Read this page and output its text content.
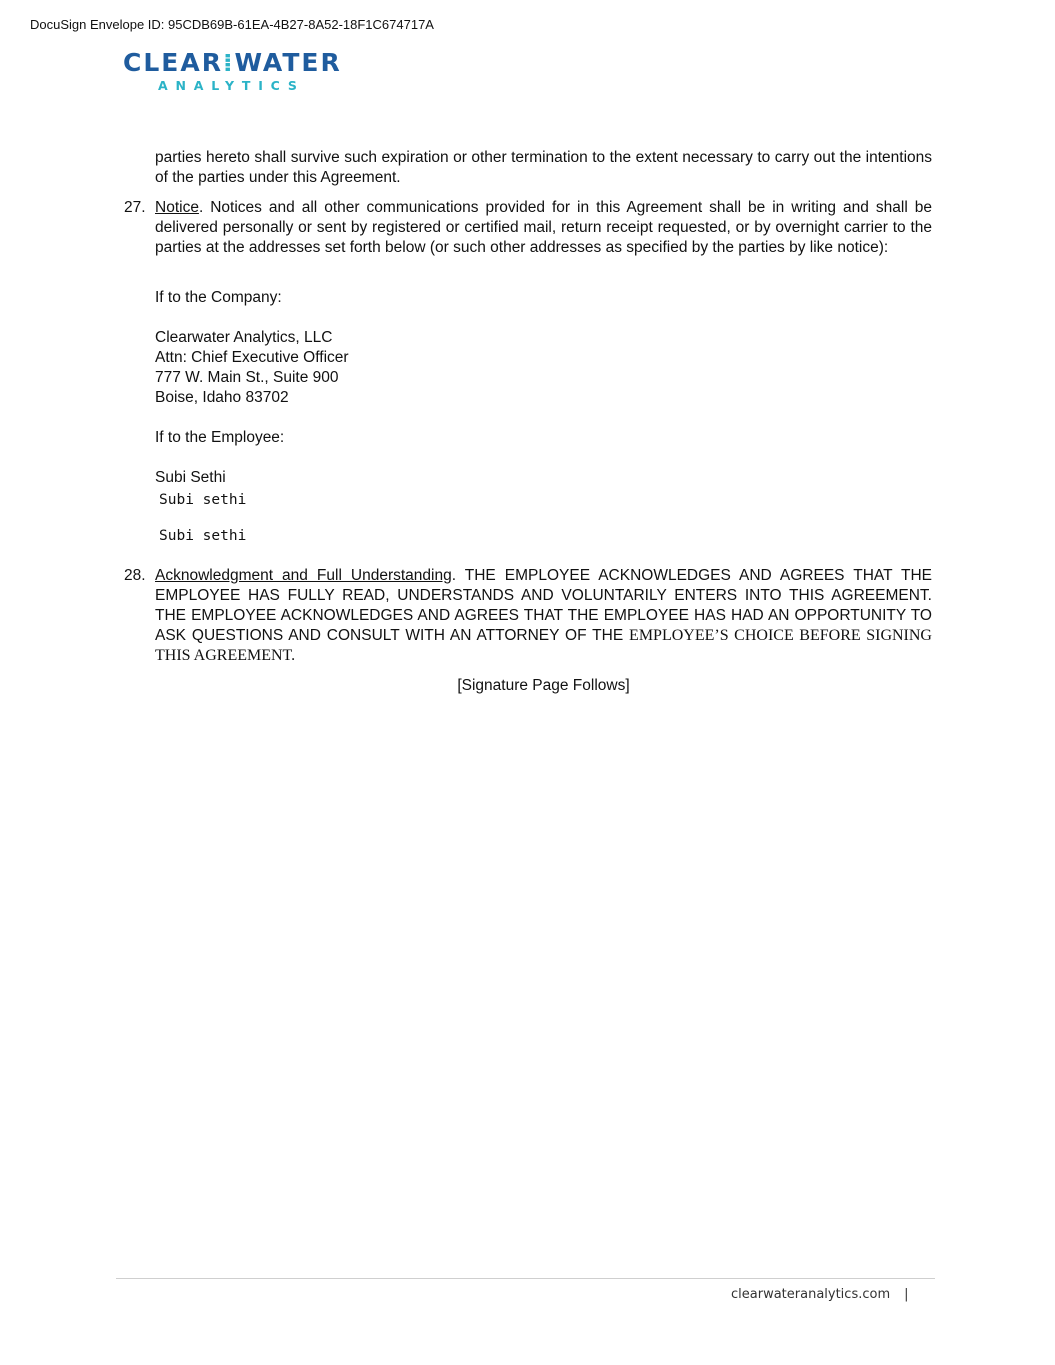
DocuSign Envelope ID: 95CDB69B-61EA-4B27-8A52-18F1C674717A
CLEAR⁞WATER
ANALYTICS

parties hereto shall survive such expiration or other termination to the extent necessary to carry out the intentions of the parties under this Agreement.

27. Notice. Notices and all other communications provided for in this Agreement shall be in writing and shall be delivered personally or sent by registered or certified mail, return receipt requested, or by overnight carrier to the parties at the addresses set forth below (or such other addresses as specified by the parties by like notice):
If to the Company:
Clearwater Analytics, LLC
Attn: Chief Executive Officer
777 W. Main St., Suite 900
Boise, Idaho 83702
If to the Employee:
Subi Sethi
Subi sethi
Subi sethi
28. Acknowledgment and Full Understanding. THE EMPLOYEE ACKNOWLEDGES AND AGREES THAT THE EMPLOYEE HAS FULLY READ, UNDERSTANDS AND VOLUNTARILY ENTERS INTO THIS AGREEMENT. THE EMPLOYEE ACKNOWLEDGES AND AGREES THAT THE EMPLOYEE HAS HAD AN OPPORTUNITY TO ASK QUESTIONS AND CONSULT WITH AN ATTORNEY OF THE EMPLOYEE’S CHOICE BEFORE SIGNING THIS AGREEMENT.
[Signature Page Follows]
clearwateranalytics.com |
